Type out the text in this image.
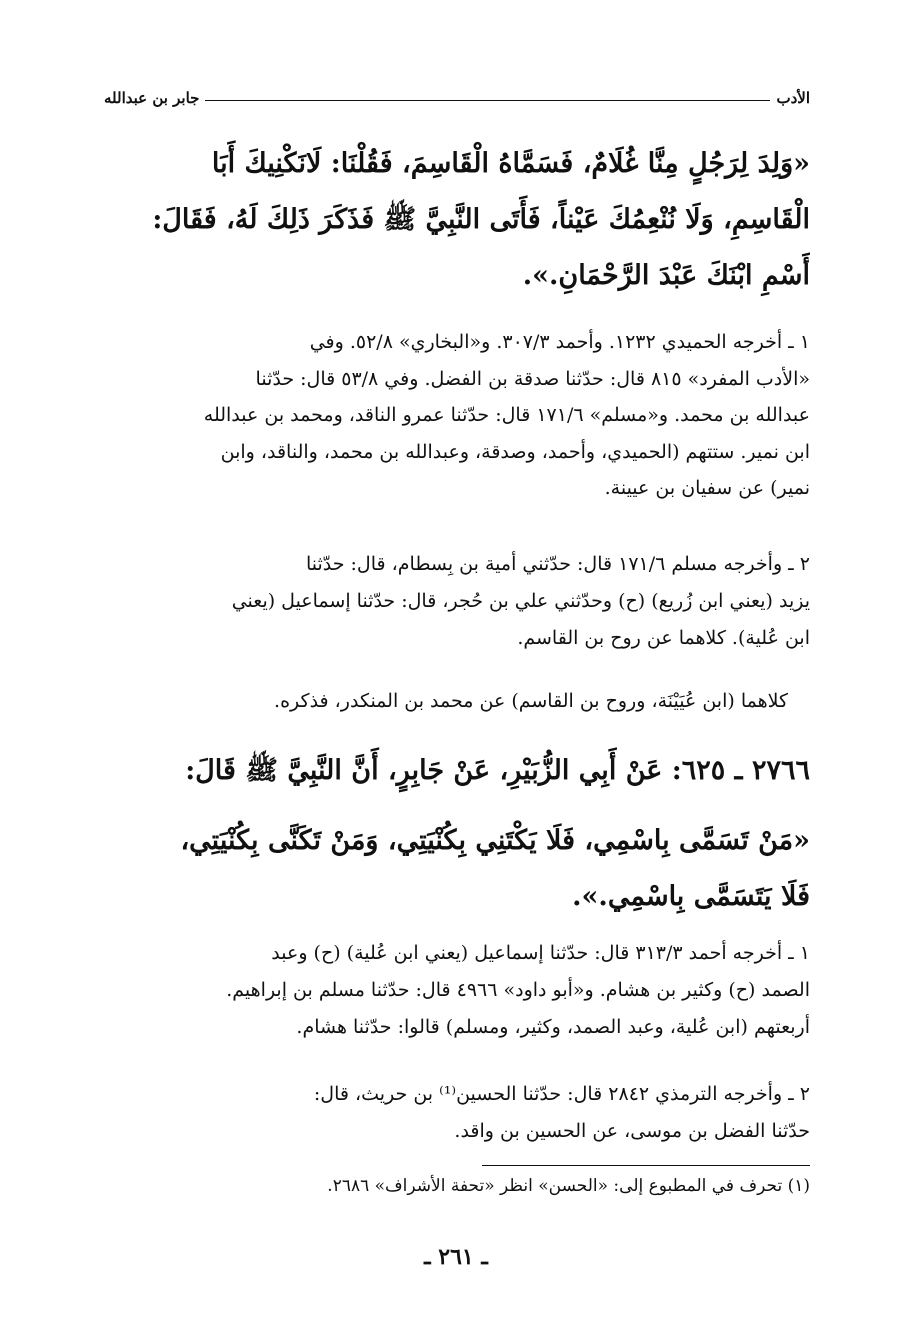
الأدب
جابر بن عبدالله
«وَلِدَ لِرَجُلٍ مِنَّا غُلَامٌ، فَسَمَّاهُ الْقَاسِمَ، فَقُلْنَا: لَانَكْنِيكَ أَبَا
الْقَاسِمِ، وَلَا نُنْعِمُكَ عَيْناً، فَأَتَى النَّبِيَّ ﷺ فَذَكَرَ ذَلِكَ لَهُ، فَقَالَ:
أَسْمِ ابْنَكَ عَبْدَ الرَّحْمَانِ.».
١ ـ أخرجه الحميدي ١٢٣٢. وأحمد ٣٠٧/٣. و«البخاري» ٥٢/٨. وفي
«الأدب المفرد» ٨١٥ قال: حدّثنا صدقة بن الفضل. وفي ٥٣/٨ قال: حدّثنا
عبدالله بن محمد. و«مسلم» ١٧١/٦ قال: حدّثنا عمرو الناقد، ومحمد بن عبدالله
ابن نمير. ستتهم (الحميدي، وأحمد، وصدقة، وعبدالله بن محمد، والناقد، وابن
نمير) عن سفيان بن عيينة.
٢ ـ وأخرجه مسلم ١٧١/٦ قال: حدّثني أمية بن بِسطام، قال: حدّثنا
يزيد (يعني ابن زُريع) (ح) وحدّثني علي بن حُجر، قال: حدّثنا إسماعيل (يعني
ابن عُلية). كلاهما عن روح بن القاسم.
كلاهما (ابن عُيَيْنَة، وروح بن القاسم) عن محمد بن المنكدر، فذكره.
٢٧٦٦ ـ ٦٢٥: عَنْ أَبِي الزُّبَيْرِ، عَنْ جَابِرٍ، أَنَّ النَّبِيَّ ﷺ قَالَ:
«مَنْ تَسَمَّى بِاسْمِي، فَلَا يَكْتَنِي بِكُنْيَتِي، وَمَنْ تَكَنَّى بِكُنْيَتِي،
فَلَا يَتَسَمَّى بِاسْمِي.».
١ ـ أخرجه أحمد ٣١٣/٣ قال: حدّثنا إسماعيل (يعني ابن عُلية) (ح) وعبد
الصمد (ح) وكثير بن هشام. و«أبو داود» ٤٩٦٦ قال: حدّثنا مسلم بن إبراهيم.
أربعتهم (ابن عُلية، وعبد الصمد، وكثير، ومسلم) قالوا: حدّثنا هشام.
٢ ـ وأخرجه الترمذي ٢٨٤٢ قال: حدّثنا الحسين⁽¹⁾ بن حريث، قال:
حدّثنا الفضل بن موسى، عن الحسين بن واقد.
(١) تحرف في المطبوع إلى: «الحسن» انظر «تحفة الأشراف» ٢٦٨٦.
ـ ٢٦١ ـ
